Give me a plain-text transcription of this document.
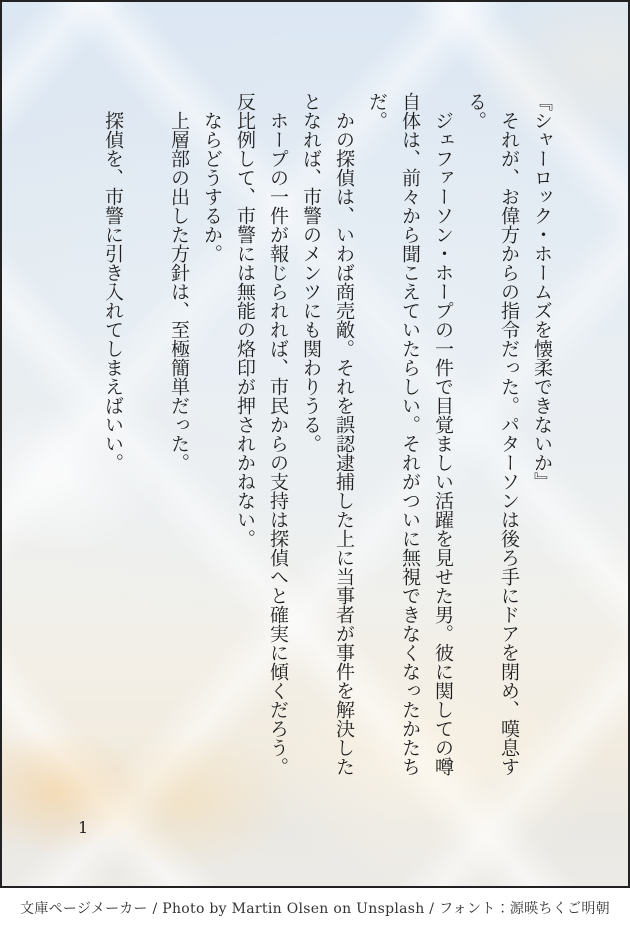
『シャーロック・ホームズを懐柔できないか』
　それが、お偉方からの指令だった。パターソンは後ろ手にドアを閉め、嘆息す
る。
　ジェファーソン・ホープの一件で目覚ましい活躍を見せた男。彼に関しての噂
自体は、前々から聞こえていたらしい。それがついに無視できなくなったかたち
だ。
　かの探偵は、いわば商売敵。それを誤認逮捕した上に当事者が事件を解決した
となれば、市警のメンツにも関わりうる。
　ホープの一件が報じられれば、市民からの支持は探偵へと確実に傾くだろう。
反比例して、市警には無能の烙印が押されかねない。
　ならどうするか。
　上層部の出した方針は、至極簡単だった。
　探偵を、市警に引き入れてしまえばいい。
1
文庫ページメーカー / Photo by Martin Olsen on Unsplash / フォント：源暎ちくご明朝
